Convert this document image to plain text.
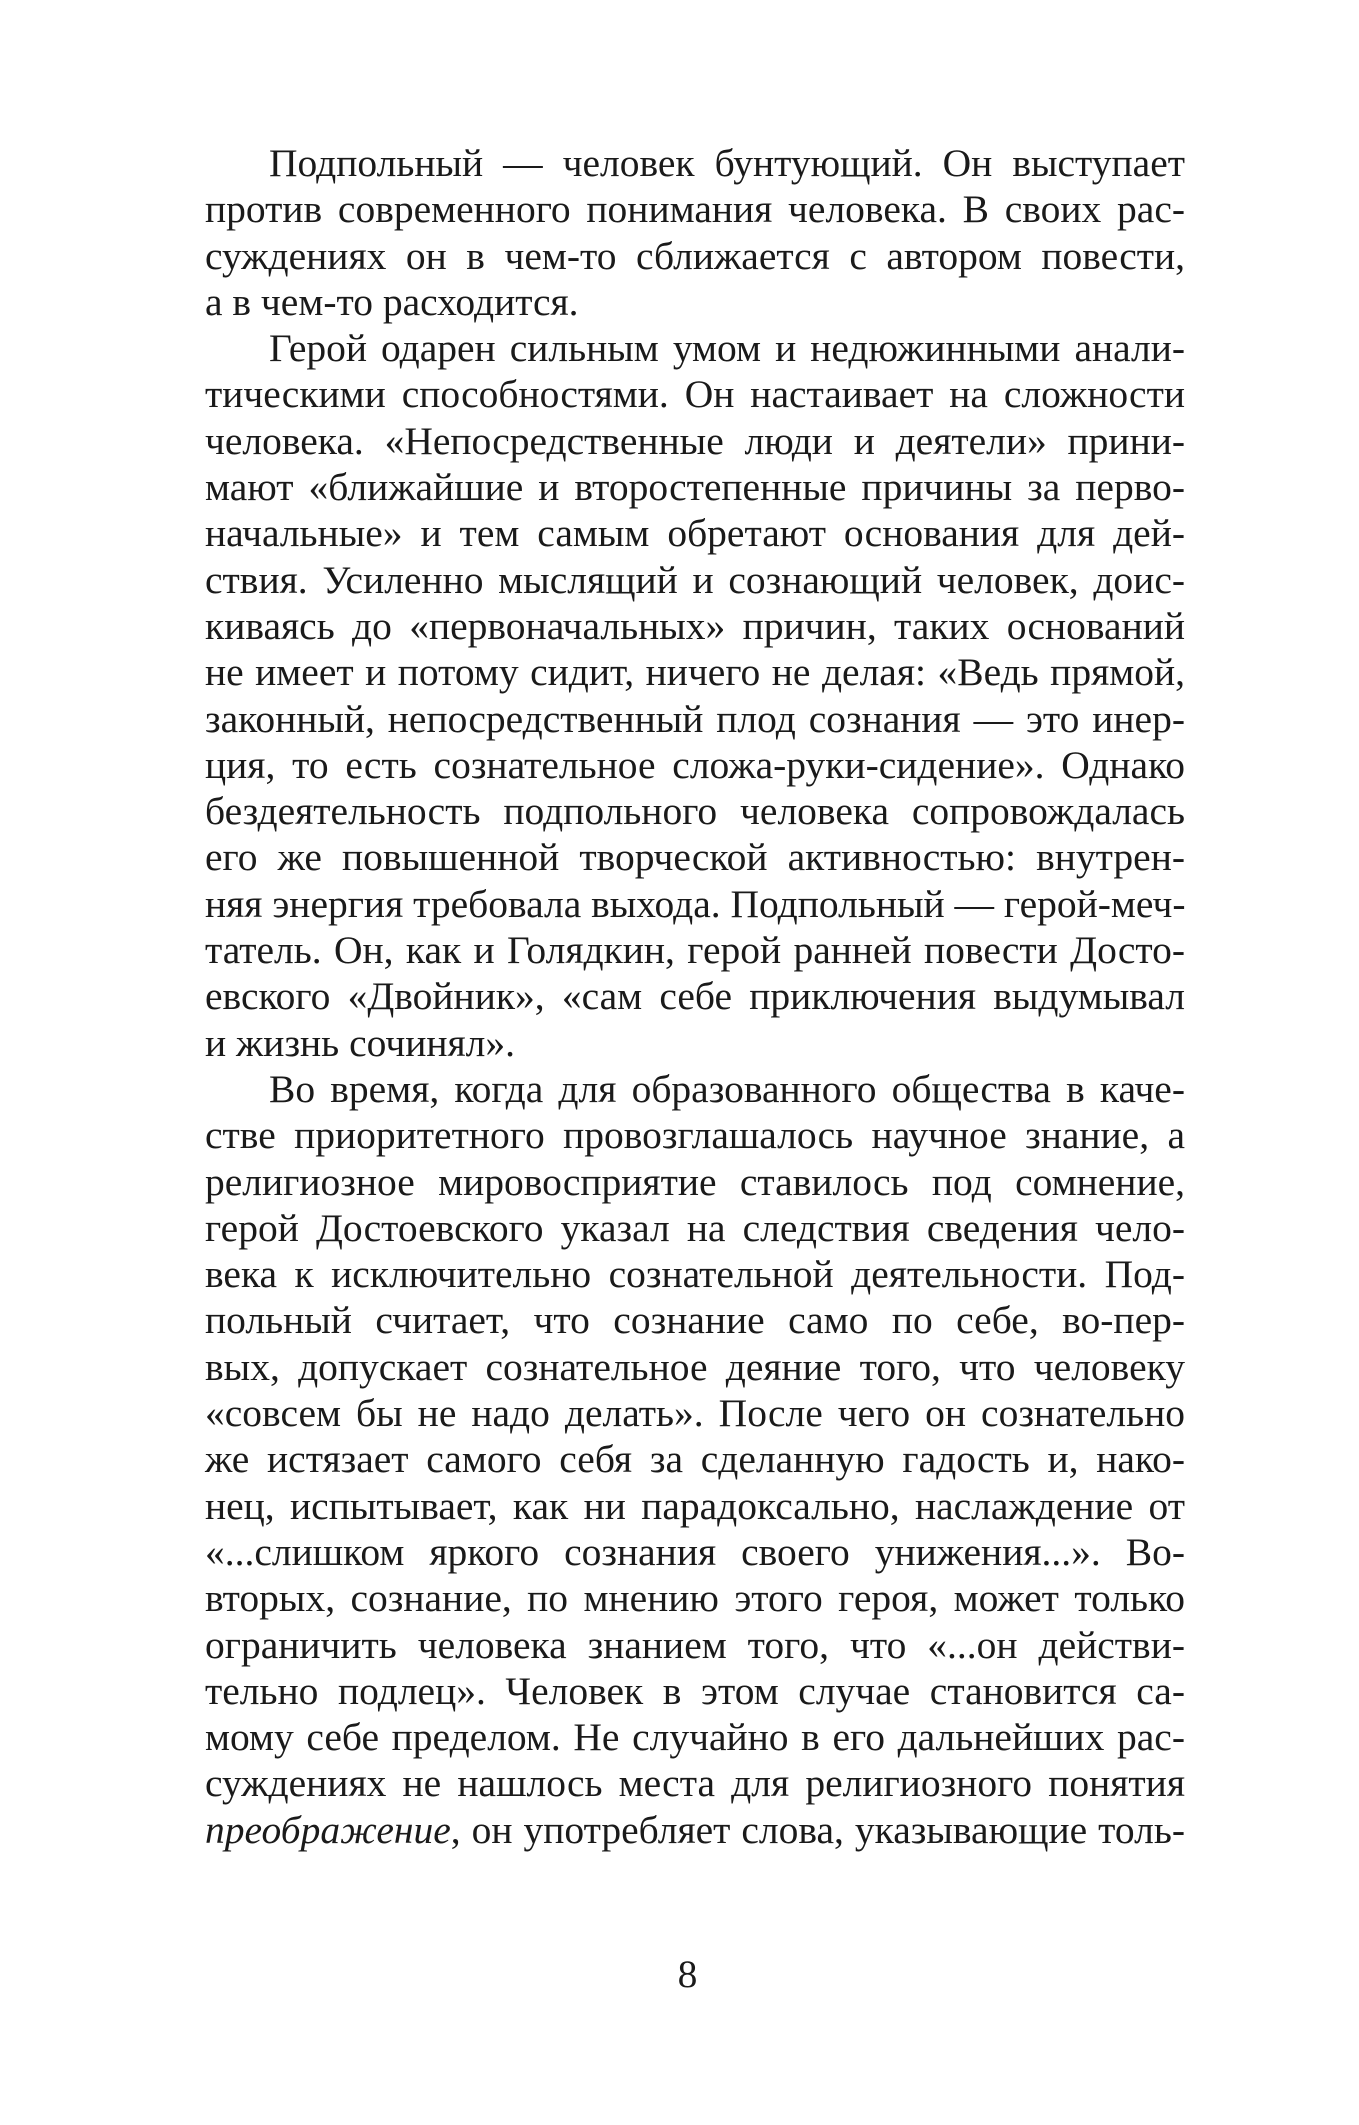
Подпольный — человек бунтующий. Он выступает
против современного понимания человека. В своих рас-
суждениях он в чем-то сближается с автором повести,
а в чем-то расходится.

Герой одарен сильным умом и недюжинными анали-
тическими способностями. Он настаивает на сложности
человека. «Непосредственные люди и деятели» прини-
мают «ближайшие и второстепенные причины за перво-
начальные» и тем самым обретают основания для дей-
ствия. Усиленно мыслящий и сознающий человек, доис-
киваясь до «первоначальных» причин, таких оснований
не имеет и потому сидит, ничего не делая: «Ведь прямой,
законный, непосредственный плод сознания — это инер-
ция, то есть сознательное сложа-руки-сидение». Однако
бездеятельность подпольного человека сопровождалась
его же повышенной творческой активностью: внутрен-
няя энергия требовала выхода. Подпольный — герой-меч-
татель. Он, как и Голядкин, герой ранней повести Досто-
евского «Двойник», «сам себе приключения выдумывал
и жизнь сочинял».

Во время, когда для образованного общества в каче-
стве приоритетного провозглашалось научное знание, а
религиозное мировосприятие ставилось под сомнение,
герой Достоевского указал на следствия сведения чело-
века к исключительно сознательной деятельности. Под-
польный считает, что сознание само по себе, во-пер-
вых, допускает сознательное деяние того, что человеку
«совсем бы не надо делать». После чего он сознательно
же истязает самого себя за сделанную гадость и, нако-
нец, испытывает, как ни парадоксально, наслаждение от
«...слишком яркого сознания своего унижения...». Во-
вторых, сознание, по мнению этого героя, может только
ограничить человека знанием того, что «...он действи-
тельно подлец». Человек в этом случае становится са-
мому себе пределом. Не случайно в его дальнейших рас-
суждениях не нашлось места для религиозного понятия
преображение, он употребляет слова, указывающие толь-

8
